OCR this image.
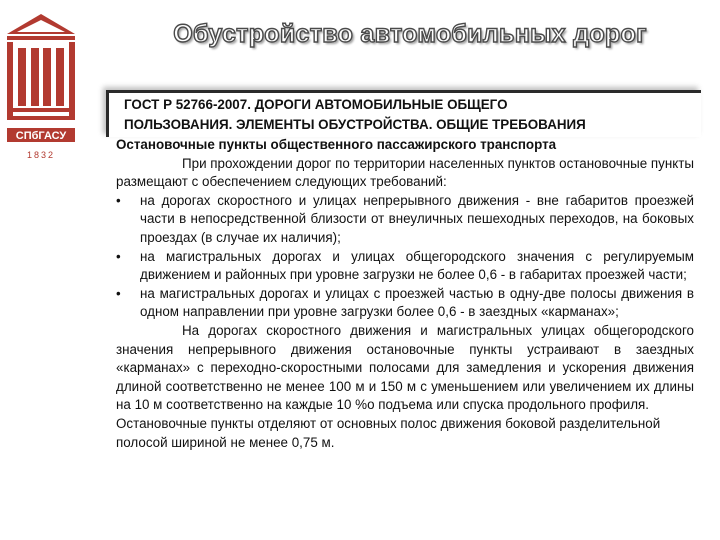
СПбГАСУ
1832
Обустройство автомобильных дорог
ГОСТ Р 52766-2007. ДОРОГИ АВТОМОБИЛЬНЫЕ ОБЩЕГО
ПОЛЬЗОВАНИЯ. ЭЛЕМЕНТЫ ОБУСТРОЙСТВА. ОБЩИЕ ТРЕБОВАНИЯ

Остановочные пункты общественного пассажирского транспорта

При прохождении дорог по территории населенных пунктов остановочные пункты размещают с обеспечением следующих требований:

•	на дорогах скоростного и улицах непрерывного движения - вне габаритов проезжей части в непосредственной близости от внеуличных пешеходных переходов, на боковых проездах (в случае их наличия);
•	на магистральных дорогах и улицах общегородского значения с регулируемым движением и районных при уровне загрузки не более 0,6 - в габаритах проезжей части;
•	на магистральных дорогах и улицах с проезжей частью в одну-две полосы движения в одном направлении при уровне загрузки более 0,6 - в заездных «карманах»;

На дорогах скоростного движения и магистральных улицах общегородского значения непрерывного движения остановочные пункты устраивают в заездных «карманах» с переходно-скоростными полосами для замедления и ускорения движения длиной соответственно не менее 100 м и 150 м с уменьшением или увеличением их длины на 10 м соответственно на каждые 10 %о подъема или спуска продольного профиля.

Остановочные пункты отделяют от основных полос движения боковой разделительной полосой шириной не менее 0,75 м.
